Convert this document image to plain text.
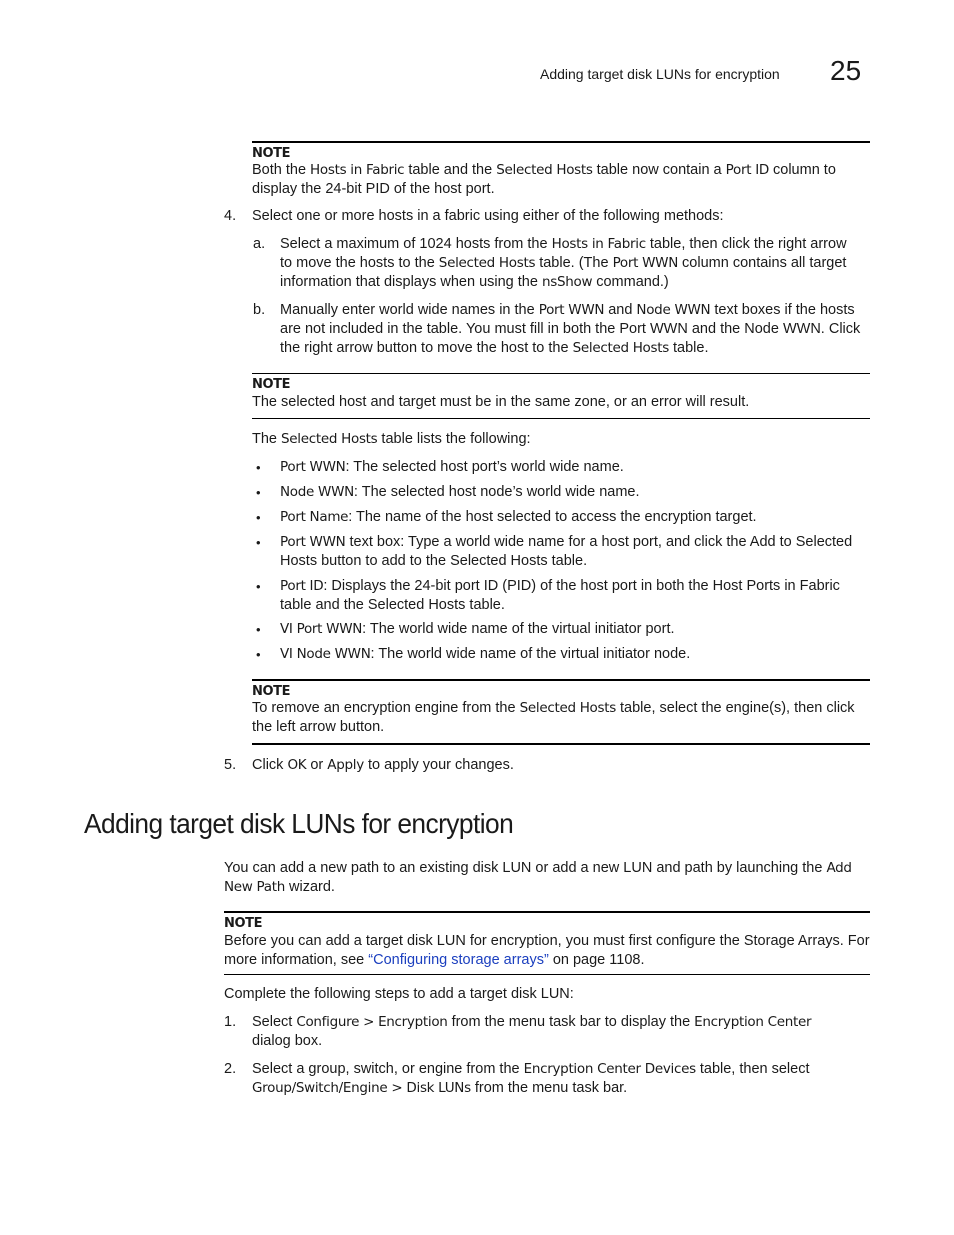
Adding target disk LUNs for encryption 25
NOTE

Both the Hosts in Fabric table and the Selected Hosts table now contain a Port ID column to

display the 24-bit PID of the host port.

4.	Select one or more hosts in a fabric using either of the following methods:
a.	Select a maximum of 1024 hosts from the Hosts in Fabric table, then click the right arrow

to move the hosts to the Selected Hosts table. (The Port WWN column contains all target

information that displays when using the nsShow command.)

b.	Manually enter world wide names in the Port WWN and Node WWN text boxes if the hosts

are not included in the table. You must fill in both the Port WWN and the Node WWN. Click

the right arrow button to move the host to the Selected Hosts table.

NOTE
The selected host and target must be in the same zone, or an error will result.
The Selected Hosts table lists the following:
• Port WWN: The selected host port’s world wide name.
• Node WWN: The selected host node’s world wide name.
• Port Name: The name of the host selected to access the encryption target.
• Port WWN text box: Type a world wide name for a host port, and click the Add to Selected

Hosts button to add to the Selected Hosts table.

• Port ID: Displays the 24-bit port ID (PID) of the host port in both the Host Ports in Fabric

table and the Selected Hosts table.

• VI Port WWN: The world wide name of the virtual initiator port.
• VI Node WWN: The world wide name of the virtual initiator node.
NOTE

To remove an encryption engine from the Selected Hosts table, select the engine(s), then click

the left arrow button.

5.	Click OK or Apply to apply your changes.
Adding target disk LUNs for encryption

You can add a new path to an existing disk LUN or add a new LUN and path by launching the Add

New Path wizard.

NOTE

Before you can add a target disk LUN for encryption, you must first configure the Storage Arrays. For

more information, see “Configuring storage arrays” on page 1108.

Complete the following steps to add a target disk LUN:
1.	Select Configure > Encryption from the menu task bar to display the Encryption Center

dialog box.

2.	Select a group, switch, or engine from the Encryption Center Devices table, then select

Group/Switch/Engine > Disk LUNs from the menu task bar.
